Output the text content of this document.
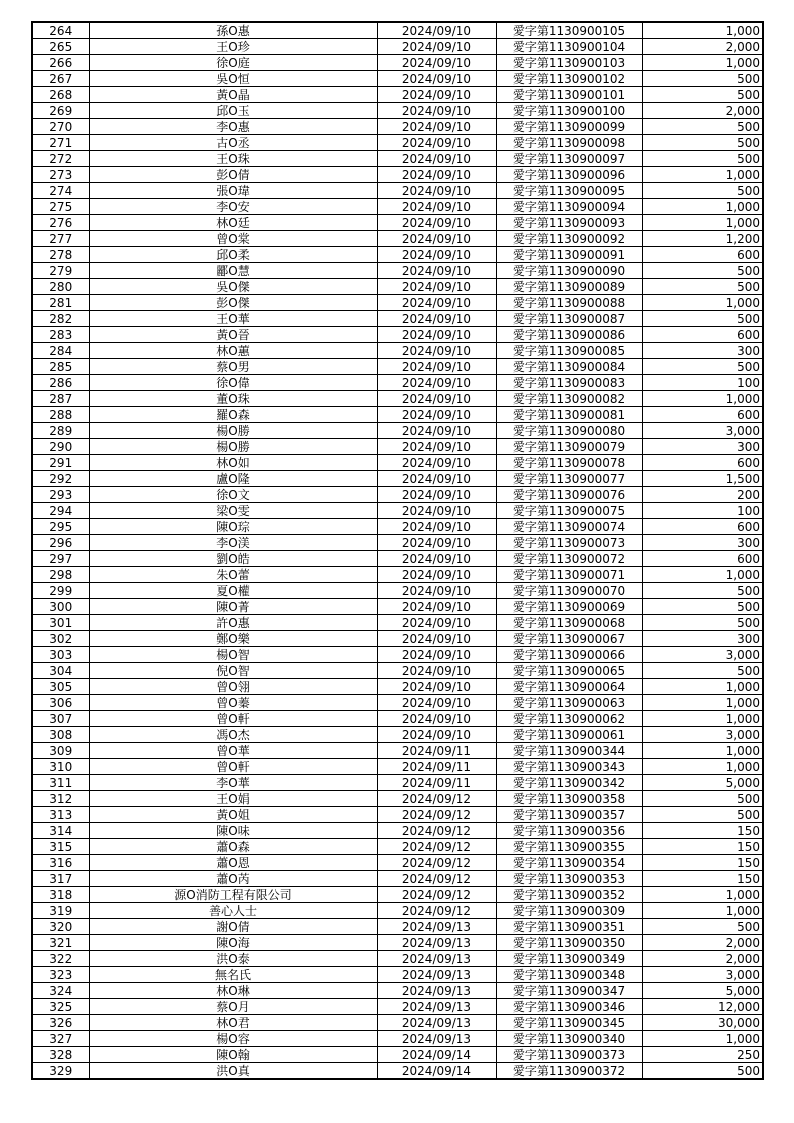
264	孫O惠	2024/09/10	愛字第1130900105	1,000
265	王O珍	2024/09/10	愛字第1130900104	2,000
266	徐O庭	2024/09/10	愛字第1130900103	1,000
267	吳O恒	2024/09/10	愛字第1130900102	500
268	黃O晶	2024/09/10	愛字第1130900101	500
269	邱O玉	2024/09/10	愛字第1130900100	2,000
270	李O惠	2024/09/10	愛字第1130900099	500
271	古O丞	2024/09/10	愛字第1130900098	500
272	王O珠	2024/09/10	愛字第1130900097	500
273	彭O倩	2024/09/10	愛字第1130900096	1,000
274	張O瑋	2024/09/10	愛字第1130900095	500
275	李O安	2024/09/10	愛字第1130900094	1,000
276	林O廷	2024/09/10	愛字第1130900093	1,000
277	曾O棠	2024/09/10	愛字第1130900092	1,200
278	邱O柔	2024/09/10	愛字第1130900091	600
279	酈O慧	2024/09/10	愛字第1130900090	500
280	吳O傑	2024/09/10	愛字第1130900089	500
281	彭O傑	2024/09/10	愛字第1130900088	1,000
282	王O華	2024/09/10	愛字第1130900087	500
283	黃O晉	2024/09/10	愛字第1130900086	600
284	林O蕙	2024/09/10	愛字第1130900085	300
285	蔡O男	2024/09/10	愛字第1130900084	500
286	徐O偉	2024/09/10	愛字第1130900083	100
287	董O珠	2024/09/10	愛字第1130900082	1,000
288	羅O森	2024/09/10	愛字第1130900081	600
289	楊O勝	2024/09/10	愛字第1130900080	3,000
290	楊O勝	2024/09/10	愛字第1130900079	300
291	林O如	2024/09/10	愛字第1130900078	600
292	盧O隆	2024/09/10	愛字第1130900077	1,500
293	徐O文	2024/09/10	愛字第1130900076	200
294	梁O雯	2024/09/10	愛字第1130900075	100
295	陳O琮	2024/09/10	愛字第1130900074	600
296	李O渼	2024/09/10	愛字第1130900073	300
297	劉O皓	2024/09/10	愛字第1130900072	600
298	朱O蕾	2024/09/10	愛字第1130900071	1,000
299	夏O權	2024/09/10	愛字第1130900070	500
300	陳O菁	2024/09/10	愛字第1130900069	500
301	許O惠	2024/09/10	愛字第1130900068	500
302	鄭O樂	2024/09/10	愛字第1130900067	300
303	楊O智	2024/09/10	愛字第1130900066	3,000
304	倪O智	2024/09/10	愛字第1130900065	500
305	曾O翎	2024/09/10	愛字第1130900064	1,000
306	曾O蓁	2024/09/10	愛字第1130900063	1,000
307	曾O軒	2024/09/10	愛字第1130900062	1,000
308	馮O杰	2024/09/10	愛字第1130900061	3,000
309	曾O華	2024/09/11	愛字第1130900344	1,000
310	曾O軒	2024/09/11	愛字第1130900343	1,000
311	李O華	2024/09/11	愛字第1130900342	5,000
312	王O娟	2024/09/12	愛字第1130900358	500
313	黃O姐	2024/09/12	愛字第1130900357	500
314	陳O味	2024/09/12	愛字第1130900356	150
315	蕭O森	2024/09/12	愛字第1130900355	150
316	蕭O恩	2024/09/12	愛字第1130900354	150
317	蕭O芮	2024/09/12	愛字第1130900353	150
318	源O消防工程有限公司	2024/09/12	愛字第1130900352	1,000
319	善心人士	2024/09/12	愛字第1130900309	1,000
320	謝O倩	2024/09/13	愛字第1130900351	500
321	陳O海	2024/09/13	愛字第1130900350	2,000
322	洪O泰	2024/09/13	愛字第1130900349	2,000
323	無名氏	2024/09/13	愛字第1130900348	3,000
324	林O琳	2024/09/13	愛字第1130900347	5,000
325	蔡O月	2024/09/13	愛字第1130900346	12,000
326	林O君	2024/09/13	愛字第1130900345	30,000
327	楊O容	2024/09/13	愛字第1130900340	1,000
328	陳O翰	2024/09/14	愛字第1130900373	250
329	洪O真	2024/09/14	愛字第1130900372	500
